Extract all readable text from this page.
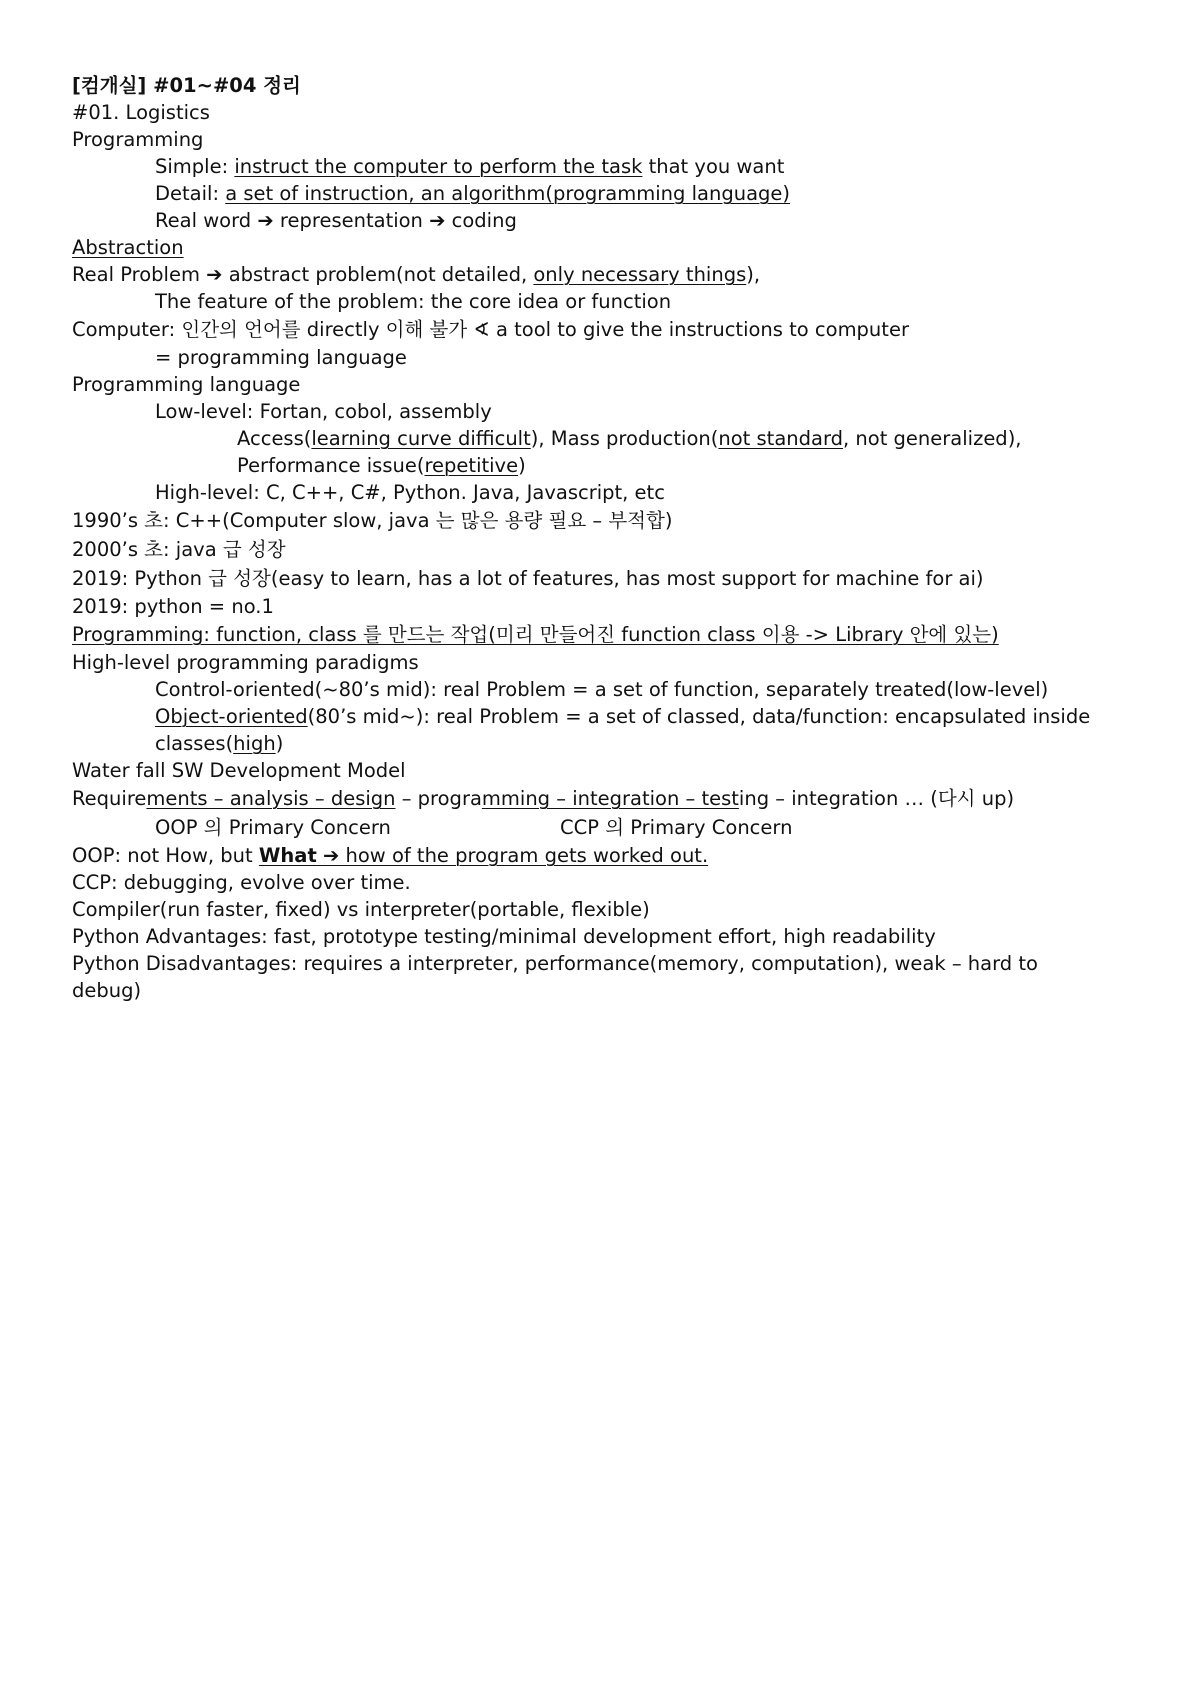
[컴개실] #01~#04 정리
#01. Logistics
Programming
Simple: instruct the computer to perform the task that you want
Detail: a set of instruction, an algorithm(programming language)
Real word ➔ representation ➔ coding
Abstraction
Real Problem ➔ abstract problem(not detailed, only necessary things),
The feature of the problem: the core idea or function
Computer: 인간의 언어를 directly 이해 불가 ∢ a tool to give the instructions to computer
= programming language
Programming language
Low-level: Fortan, cobol, assembly
Access(learning curve difficult), Mass production(not standard, not generalized),
Performance issue(repetitive)
High-level: C, C++, C#, Python. Java, Javascript, etc
1990’s 초: C++(Computer slow, java 는 많은 용량 필요 – 부적합)
2000’s 초: java 급 성장
2019: Python 급 성장(easy to learn, has a lot of features, has most support for machine for ai)
2019: python = no.1
Programming: function, class 를 만드는 작업(미리 만들어진 function class 이용 -> Library 안에 있는)
High-level programming paradigms
Control-oriented(~80’s mid): real Problem = a set of function, separately treated(low-level)
Object-oriented(80’s mid~): real Problem = a set of classed, data/function: encapsulated inside
classes(high)
Water fall SW Development Model
Requirements – analysis – design – programming – integration – testing – integration … (다시 up)
OOP 의 Primary Concern	CCP 의 Primary Concern
OOP: not How, but What ➔ how of the program gets worked out.
CCP: debugging, evolve over time.
Compiler(run faster, fixed) vs interpreter(portable, flexible)
Python Advantages: fast, prototype testing/minimal development effort, high readability
Python Disadvantages: requires a interpreter, performance(memory, computation), weak – hard to
debug)
